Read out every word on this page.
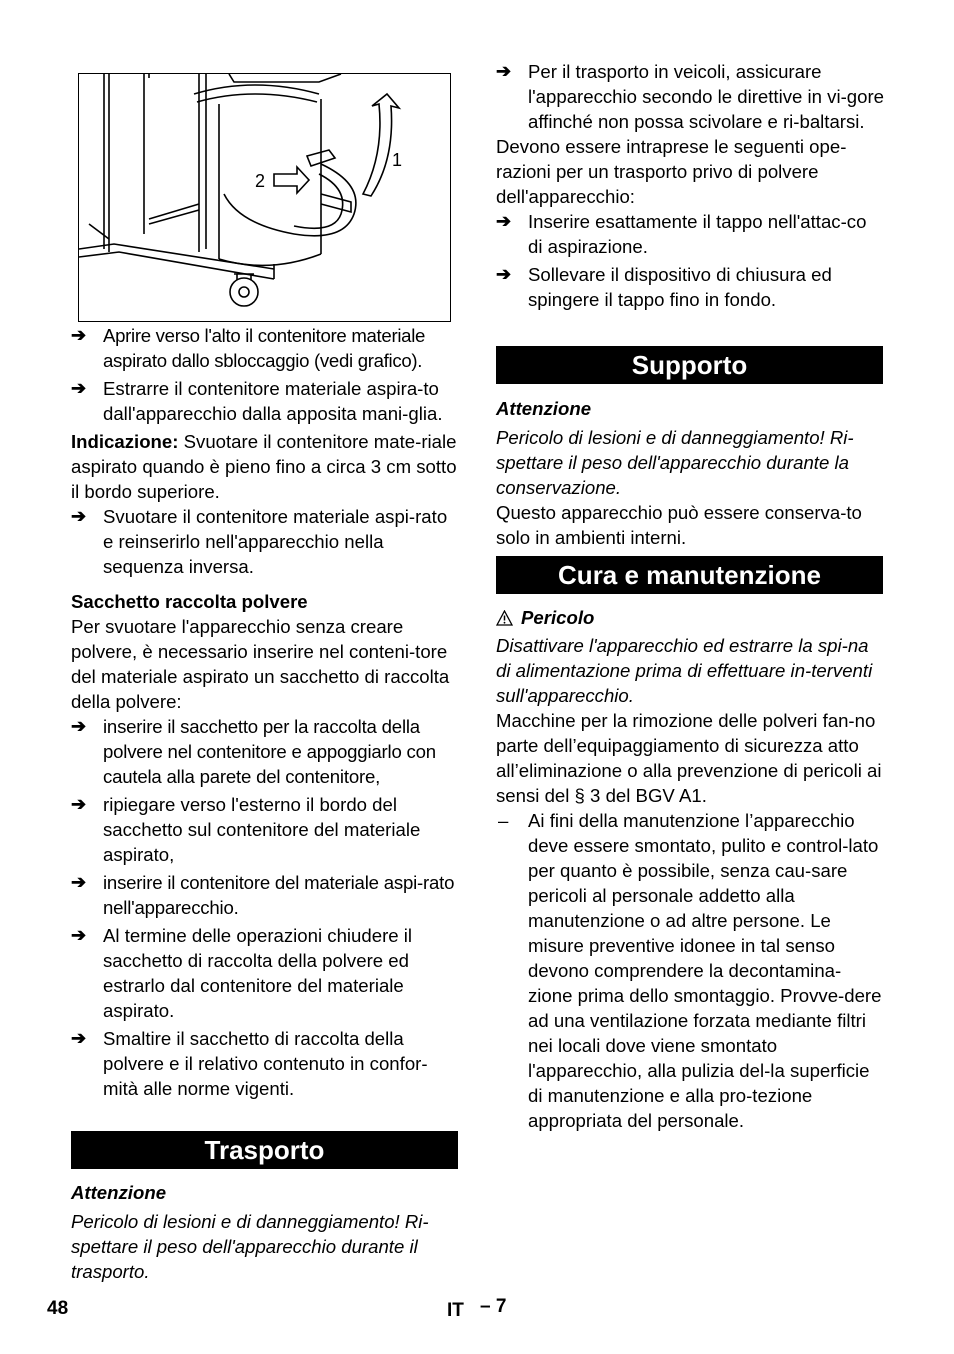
2
1
➔ Aprire verso l'alto il contenitore materiale aspirato dallo sbloccaggio (vedi grafico).
➔ Estrarre il contenitore materiale aspira-to dall'apparecchio dalla apposita mani-glia.

Indicazione: Svuotare il contenitore mate-riale aspirato quando è pieno fino a circa 3 cm sotto il bordo superiore.

➔ Svuotare il contenitore materiale aspi-rato e reinserirlo nell'apparecchio nella sequenza inversa.

Sacchetto raccolta polvere

Per svuotare l'apparecchio senza creare polvere, è necessario inserire nel conteni-tore del materiale aspirato un sacchetto di raccolta della polvere:

➔ inserire il sacchetto per la raccolta della polvere nel contenitore e appoggiarlo con cautela alla parete del contenitore,
➔ ripiegare verso l'esterno il bordo del sacchetto sul contenitore del materiale aspirato,
➔ inserire il contenitore del materiale aspi-rato nell'apparecchio.
➔ Al termine delle operazioni chiudere il sacchetto di raccolta della polvere ed estrarlo dal contenitore del materiale aspirato.
➔ Smaltire il sacchetto di raccolta della polvere e il relativo contenuto in confor-mità alle norme vigenti.
Trasporto

Attenzione

Pericolo di lesioni e di danneggiamento! Ri-spettare il peso dell'apparecchio durante il trasporto.

➔ Per il trasporto in veicoli, assicurare l'apparecchio secondo le direttive in vi-gore affinché non possa scivolare e ri-baltarsi.

Devono essere intraprese le seguenti ope-razioni per un trasporto privo di polvere dell'apparecchio:

➔ Inserire esattamente il tappo nell'attac-co di aspirazione.
➔ Sollevare il dispositivo di chiusura ed spingere il tappo fino in fondo.
Supporto

Attenzione

Pericolo di lesioni e di danneggiamento! Ri-spettare il peso dell'apparecchio durante la conservazione.

Questo apparecchio può essere conserva-to solo in ambienti interni.

Cura e manutenzione

Pericolo

Disattivare l'apparecchio ed estrarre la spi-na di alimentazione prima di effettuare in-terventi sull'apparecchio.

Macchine per la rimozione delle polveri fan-no parte dell’equipaggiamento di sicurezza atto all’eliminazione o alla prevenzione di pericoli ai sensi del § 3 del BGV A1.

– Ai fini della manutenzione l’apparecchio deve essere smontato, pulito e control-lato per quanto è possibile, senza cau-sare pericoli al personale addetto alla manutenzione o ad altre persone. Le misure preventive idonee in tal senso devono comprendere la decontamina-zione prima dello smontaggio. Provve-dere ad una ventilazione forzata mediante filtri nei locali dove viene smontato l'apparecchio, alla pulizia del-la superficie di manutenzione e alla pro-tezione appropriata del personale.
48	IT – 7
